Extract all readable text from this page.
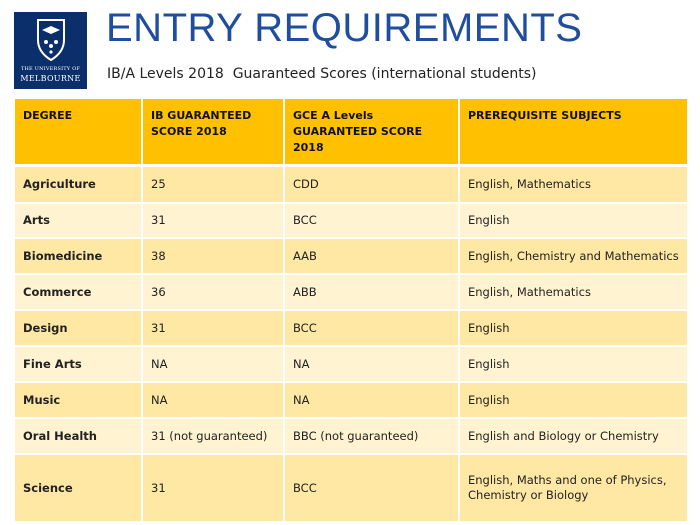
THE UNIVERSITY OF
MELBOURNE
ENTRY REQUIREMENTS
IB/A Levels 2018  Guaranteed Scores (international students)
DEGREE	IB GUARANTEED SCORE 2018	GCE A Levels GUARANTEED SCORE 2018	PREREQUISITE SUBJECTS
Agriculture	25	CDD	English, Mathematics
Arts	31	BCC	English
Biomedicine	38	AAB	English, Chemistry and Mathematics
Commerce	36	ABB	English, Mathematics
Design	31	BCC	English
Fine Arts	NA	NA	English
Music	NA	NA	English
Oral Health	31 (not guaranteed)	BBC (not guaranteed)	English and Biology or Chemistry
Science	31	BCC	English, Maths and one of Physics, Chemistry or Biology
